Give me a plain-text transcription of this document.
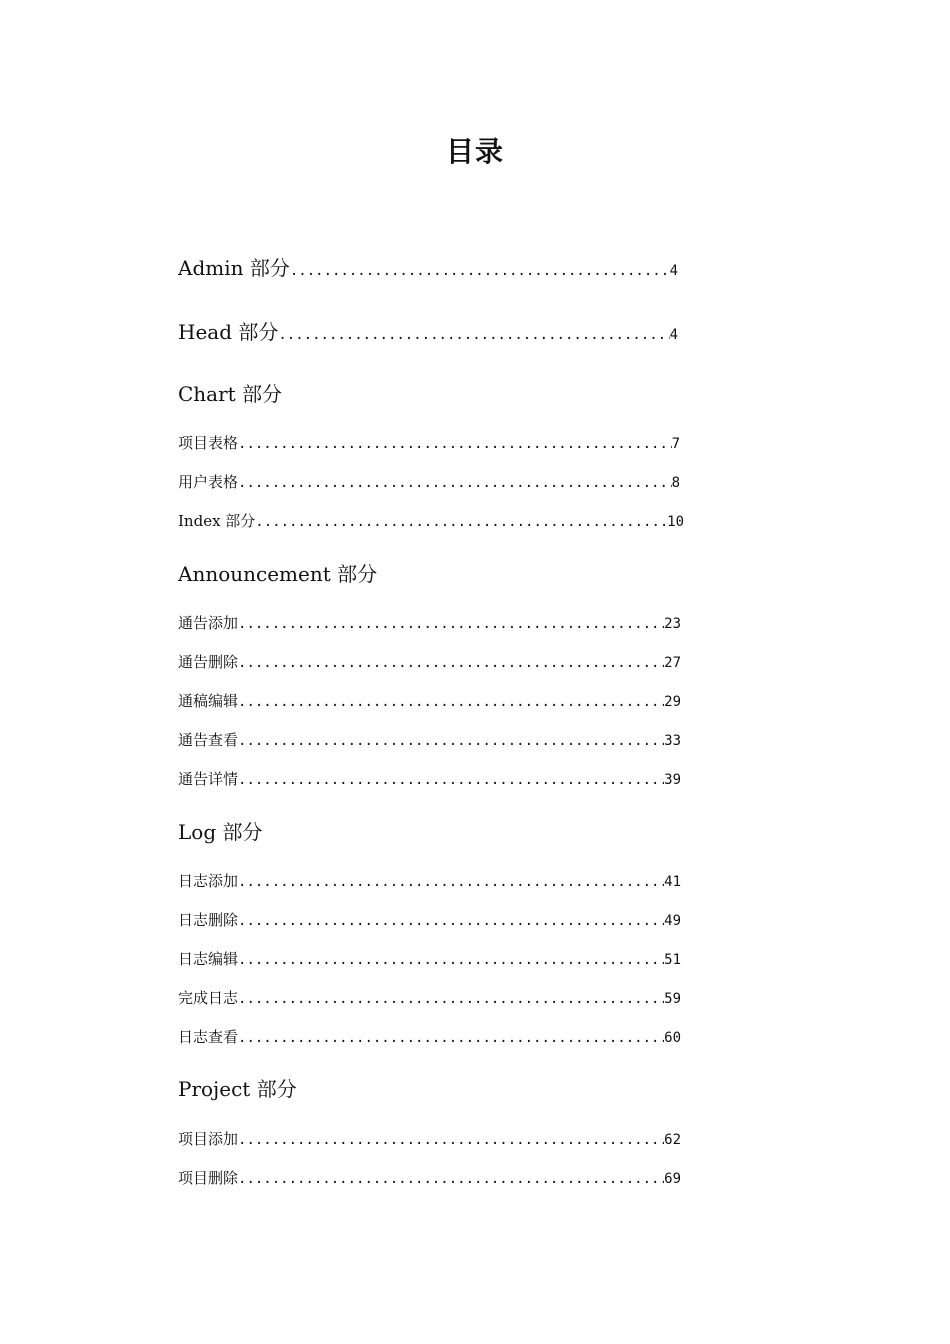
目录
Admin 部分 .....	4
Head 部分 .....	4
Chart 部分
项目表格 .....	7
用户表格 .....	8
Index 部分 .....	10
Announcement 部分
通告添加 .....	23
通告删除 .....	27
通稿编辑 .....	29
通告查看 .....	33
通告详情 .....	39
Log 部分
日志添加 .....	41
日志删除 .....	49
日志编辑 .....	51
完成日志 .....	59
日志查看 .....	60
Project 部分
项目添加 .....	62
项目删除 .....	69
